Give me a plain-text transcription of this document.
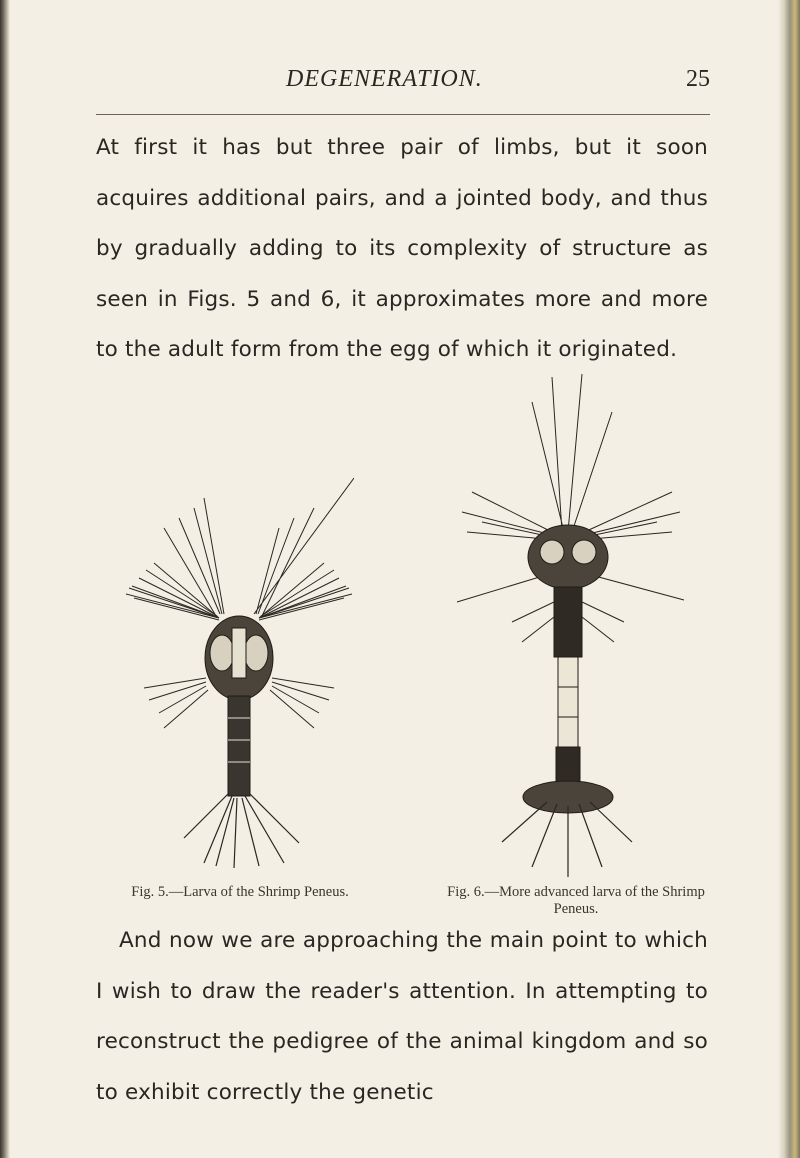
DEGENERATION.	25

At first it has but three pair of limbs, but it soon acquires additional pairs, and a jointed body, and thus by gradually adding to its complexity of structure as seen in Figs. 5 and 6, it approximates more and more to the adult form from the egg of which it originated.

Fig. 5.—Larva of the Shrimp Peneus.	Fig. 6.—More advanced larva of the Shrimp Peneus.

And now we are approaching the main point to which I wish to draw the reader's attention. In attempting to reconstruct the pedigree of the animal kingdom and so to exhibit correctly the genetic
